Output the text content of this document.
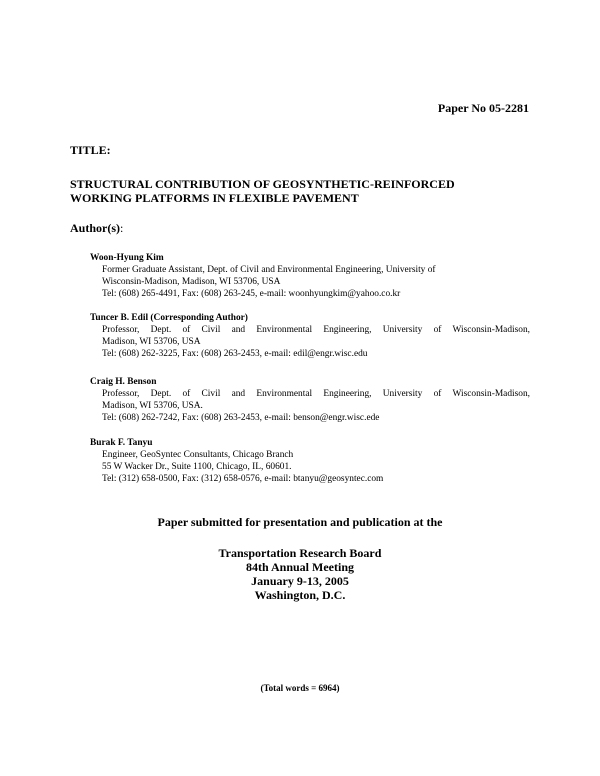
Paper No 05-2281
TITLE:
STRUCTURAL CONTRIBUTION OF GEOSYNTHETIC-REINFORCED
WORKING PLATFORMS IN FLEXIBLE PAVEMENT
Author(s):
Woon-Hyung Kim
Former Graduate Assistant, Dept. of Civil and Environmental Engineering, University of
Wisconsin-Madison, Madison, WI 53706, USA
Tel: (608) 265-4491, Fax: (608) 263-245, e-mail: woonhyungkim@yahoo.co.kr
Tuncer B. Edil (Corresponding Author)
Professor, Dept. of Civil and Environmental Engineering, University of Wisconsin-Madison,
Madison, WI 53706, USA
Tel: (608) 262-3225, Fax: (608) 263-2453, e-mail: edil@engr.wisc.edu
Craig H. Benson
Professor, Dept. of Civil and Environmental Engineering, University of Wisconsin-Madison,
Madison, WI 53706, USA.
Tel: (608) 262-7242, Fax: (608) 263-2453, e-mail: benson@engr.wisc.ede
Burak F. Tanyu
Engineer, GeoSyntec Consultants, Chicago Branch
55 W Wacker Dr., Suite 1100, Chicago, IL, 60601.
Tel: (312) 658-0500, Fax: (312) 658-0576, e-mail: btanyu@geosyntec.com
Paper submitted for presentation and publication at the
Transportation Research Board
84th Annual Meeting
January 9-13, 2005
Washington, D.C.
(Total words = 6964)
